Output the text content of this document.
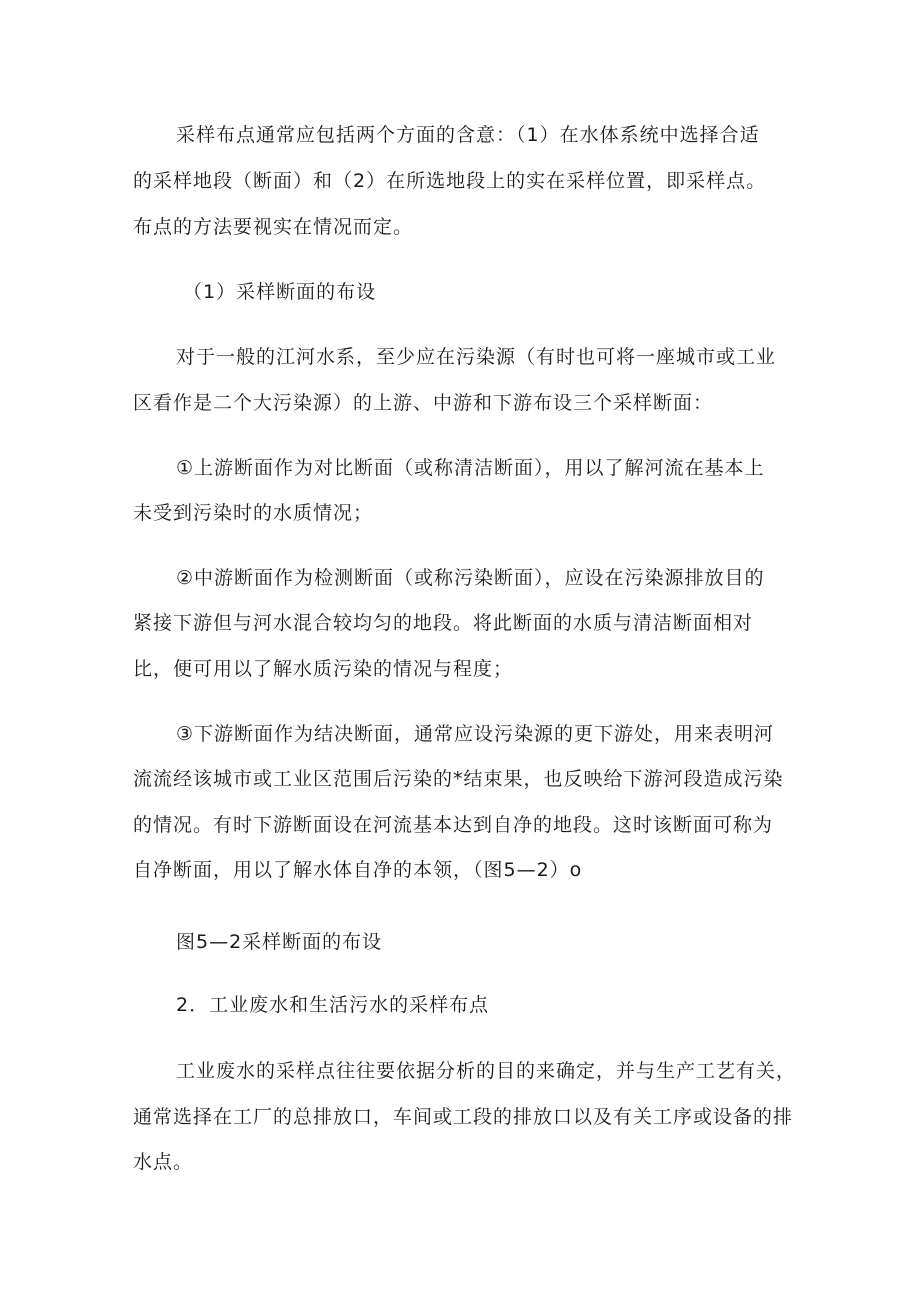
采样布点通常应包括两个方面的含意：（1）在水体系统中选择合适
的采样地段（断面）和（2）在所选地段上的实在采样位置，即采样点。
布点的方法要视实在情况而定。
（1）采样断面的布设
对于一般的江河水系，至少应在污染源（有时也可将一座城市或工业
区看作是二个大污染源）的上游、中游和下游布设三个采样断面：
①上游断面作为对比断面（或称清洁断面），用以了解河流在基本上
未受到污染时的水质情况；
②中游断面作为检测断面（或称污染断面），应设在污染源排放目的
紧接下游但与河水混合较均匀的地段。将此断面的水质与清洁断面相对
比，便可用以了解水质污染的情况与程度；
③下游断面作为结决断面，通常应设污染源的更下游处，用来表明河
流流经该城市或工业区范围后污染的*结束果，也反映给下游河段造成污染
的情况。有时下游断面设在河流基本达到自净的地段。这时该断面可称为
自净断面，用以了解水体自净的本领，（图5—2）o
图5—2采样断面的布设
2．工业废水和生活污水的采样布点
工业废水的采样点往往要依据分析的目的来确定，并与生产工艺有关，
通常选择在工厂的总排放口，车间或工段的排放口以及有关工序或设备的排
水点。
